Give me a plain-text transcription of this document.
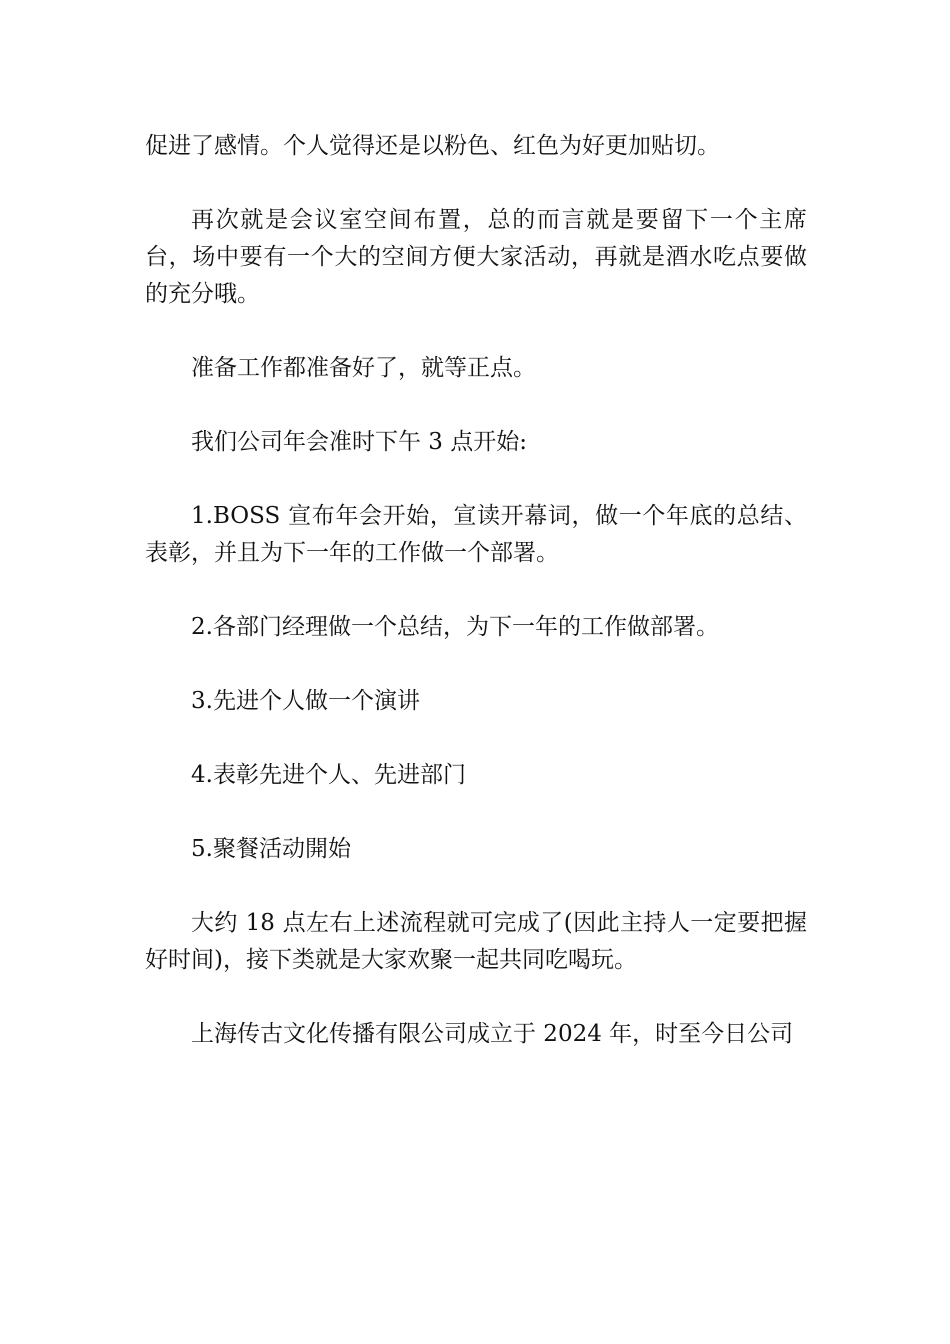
促进了感情。个人觉得还是以粉色、红色为好更加贴切。

再次就是会议室空间布置，总的而言就是要留下一个主席台，场中要有一个大的空间方便大家活动，再就是酒水吃点要做的充分哦。

准备工作都准备好了，就等正点。

我们公司年会准时下午 3 点开始:

1.BOSS 宣布年会开始，宣读开幕词，做一个年底的总结、表彰，并且为下一年的工作做一个部署。

2.各部门经理做一个总结，为下一年的工作做部署。

3.先进个人做一个演讲

4.表彰先进个人、先进部门

5.聚餐活动開始

大约 18 点左右上述流程就可完成了(因此主持人一定要把握好时间)，接下类就是大家欢聚一起共同吃喝玩。

上海传古文化传播有限公司成立于 2024 年，时至今日公司
